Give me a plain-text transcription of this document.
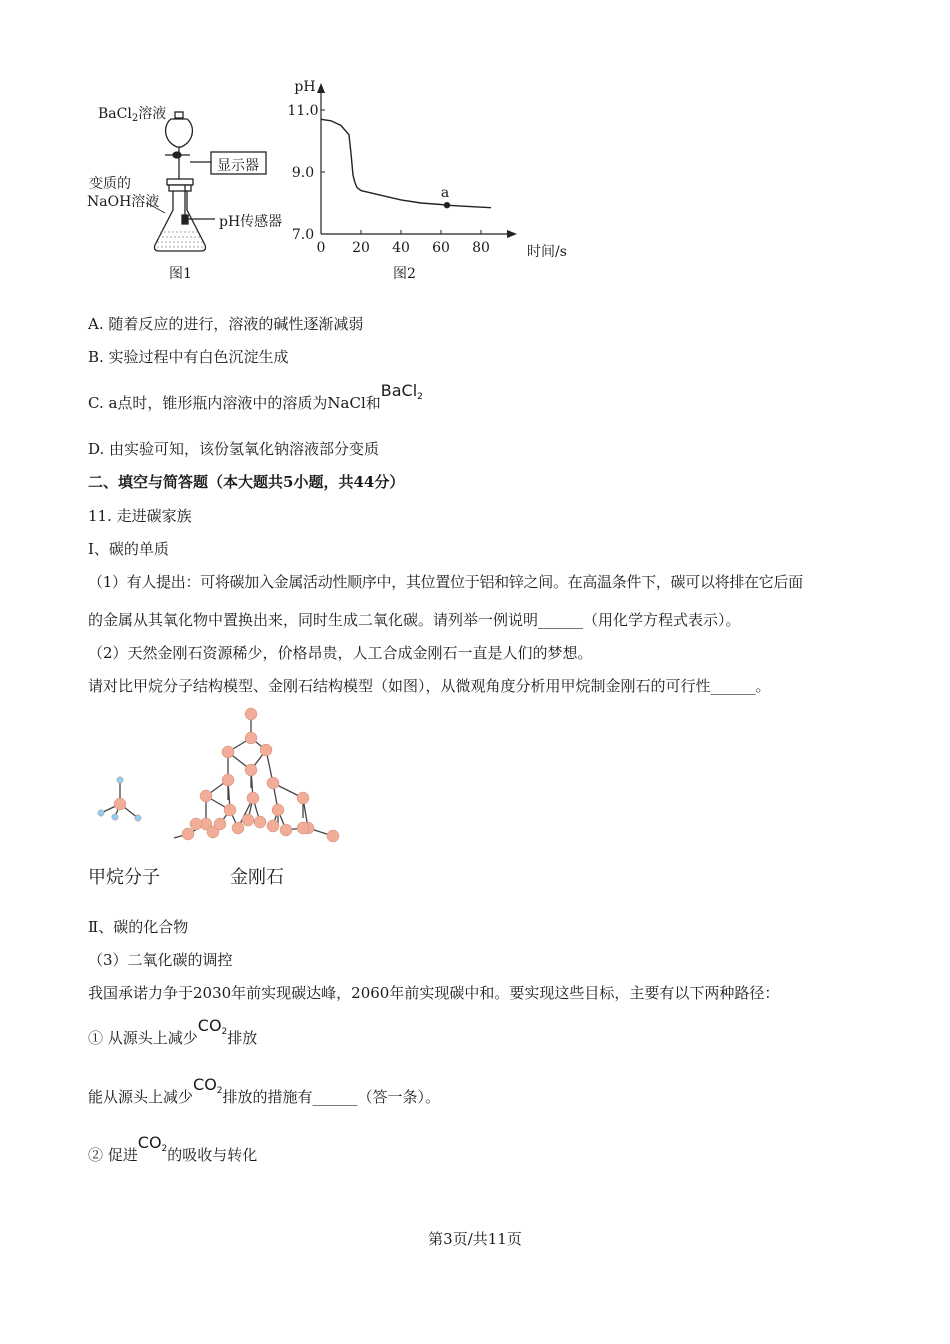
BaCl$_2$溶液
显示器
变质的
NaOH溶液
pH传感器
图1
pH
时间/s
7.0
9.0
11.0
0 20 40 60 80
a
图2
A. 随着反应的进行，溶液的碱性逐渐减弱
B. 实验过程中有白色沉淀生成
C. a点时，锥形瓶内溶液中的溶质为NaCl和BaCl2
D. 由实验可知，该份氢氧化钠溶液部分变质
二、填空与简答题（本大题共5小题，共44分）
11. 走进碳家族
Ⅰ、碳的单质
（1）有人提出：可将碳加入金属活动性顺序中，其位置位于铝和锌之间。在高温条件下，碳可以将排在它后面
的金属从其氧化物中置换出来，同时生成二氧化碳。请列举一例说明______（用化学方程式表示）。
（2）天然金刚石资源稀少，价格昂贵，人工合成金刚石一直是人们的梦想。
请对比甲烷分子结构模型、金刚石结构模型（如图），从微观角度分析用甲烷制金刚石的可行性______。
甲烷分子	金刚石
Ⅱ、碳的化合物
（3）二氧化碳的调控
我国承诺力争于2030年前实现碳达峰，2060年前实现碳中和。要实现这些目标，主要有以下两种路径：
① 从源头上减少CO2排放
能从源头上减少CO2排放的措施有______（答一条）。
② 促进CO2的吸收与转化
第3页/共11页
